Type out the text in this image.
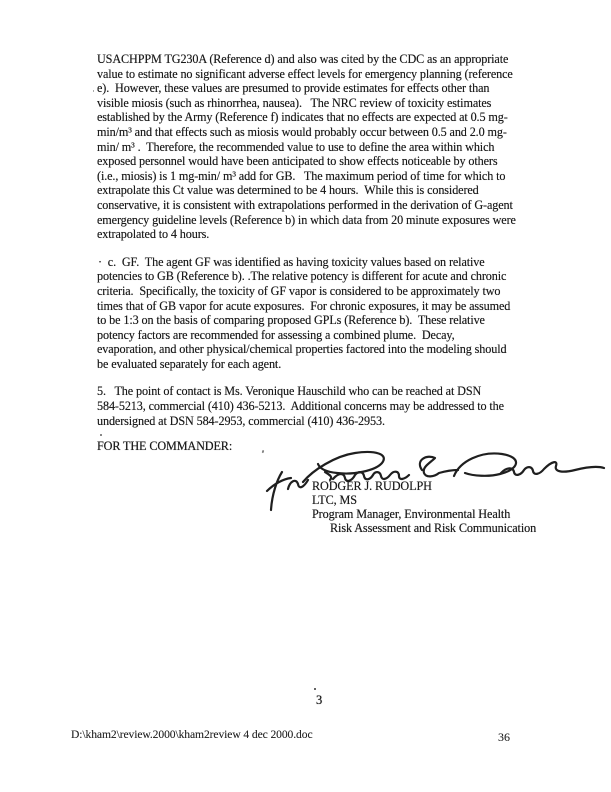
USACHPPM TG230A (Reference d) and also was cited by the CDC as an appropriate
value to estimate no significant adverse effect levels for emergency planning (reference
e).  However, these values are presumed to provide estimates for effects other than
visible miosis (such as rhinorrhea, nausea).   The NRC review of toxicity estimates
established by the Army (Reference f) indicates that no effects are expected at 0.5 mg-
min/m³ and that effects such as miosis would probably occur between 0.5 and 2.0 mg-
min/ m³ .  Therefore, the recommended value to use to define the area within which
exposed personnel would have been anticipated to show effects noticeable by others
(i.e., miosis) is 1 mg-min/ m³ add for GB.   The maximum period of time for which to
extrapolate this Ct value was determined to be 4 hours.  While this is considered
conservative, it is consistent with extrapolations performed in the derivation of G-agent
emergency guideline levels (Reference b) in which data from 20 minute exposures were
extrapolated to 4 hours.
·  c.  GF.  The agent GF was identified as having toxicity values based on relative
potencies to GB (Reference b). .The relative potency is different for acute and chronic
criteria.  Specifically, the toxicity of GF vapor is considered to be approximately two
times that of GB vapor for acute exposures.  For chronic exposures, it may be assumed
to be 1:3 on the basis of comparing proposed GPLs (Reference b).  These relative
potency factors are recommended for assessing a combined plume.  Decay,
evaporation, and other physical/chemical properties factored into the modeling should
be evaluated separately for each agent.
5.   The point of contact is Ms. Veronique Hauschild who can be reached at DSN
584-5213, commercial (410) 436-5213.  Additional concerns may be addressed to the
undersigned at DSN 584-2953, commercial (410) 436-2953.
FOR THE COMMANDER:
RODGER J. RUDOLPH
LTC, MS
Program Manager, Environmental Health
Risk Assessment and Risk Communication
3
D:\kham2\review.2000\kham2review 4 dec 2000.doc	36
